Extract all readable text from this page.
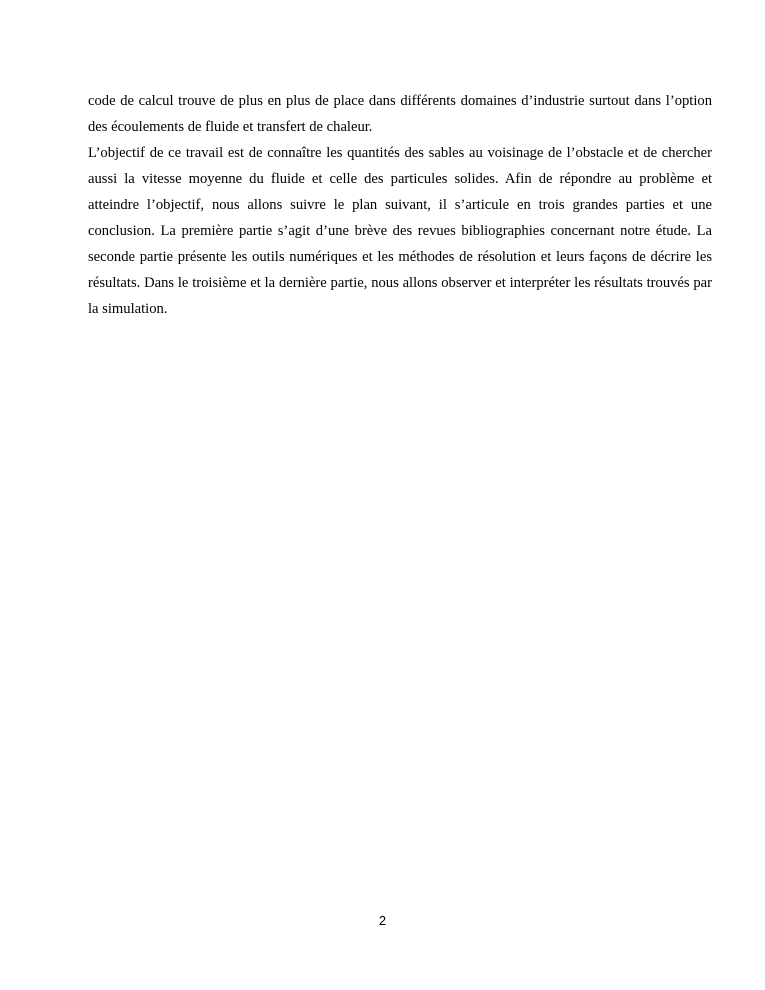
code de calcul trouve de plus en plus de place dans différents domaines d’industrie surtout dans l’option des écoulements de fluide et transfert de chaleur.

L’objectif de ce travail est de connaître les quantités des sables au voisinage de l’obstacle et de chercher aussi la vitesse moyenne du fluide et celle des particules solides. Afin de répondre au problème et atteindre l’objectif, nous allons suivre le plan suivant, il s’articule en trois grandes parties et une conclusion. La première partie s’agit d’une brève des revues bibliographies concernant notre étude. La seconde partie présente les outils numériques et les méthodes de résolution et leurs façons de décrire les résultats. Dans le troisième et la dernière partie, nous allons observer et interpréter les résultats trouvés par la simulation.

2
